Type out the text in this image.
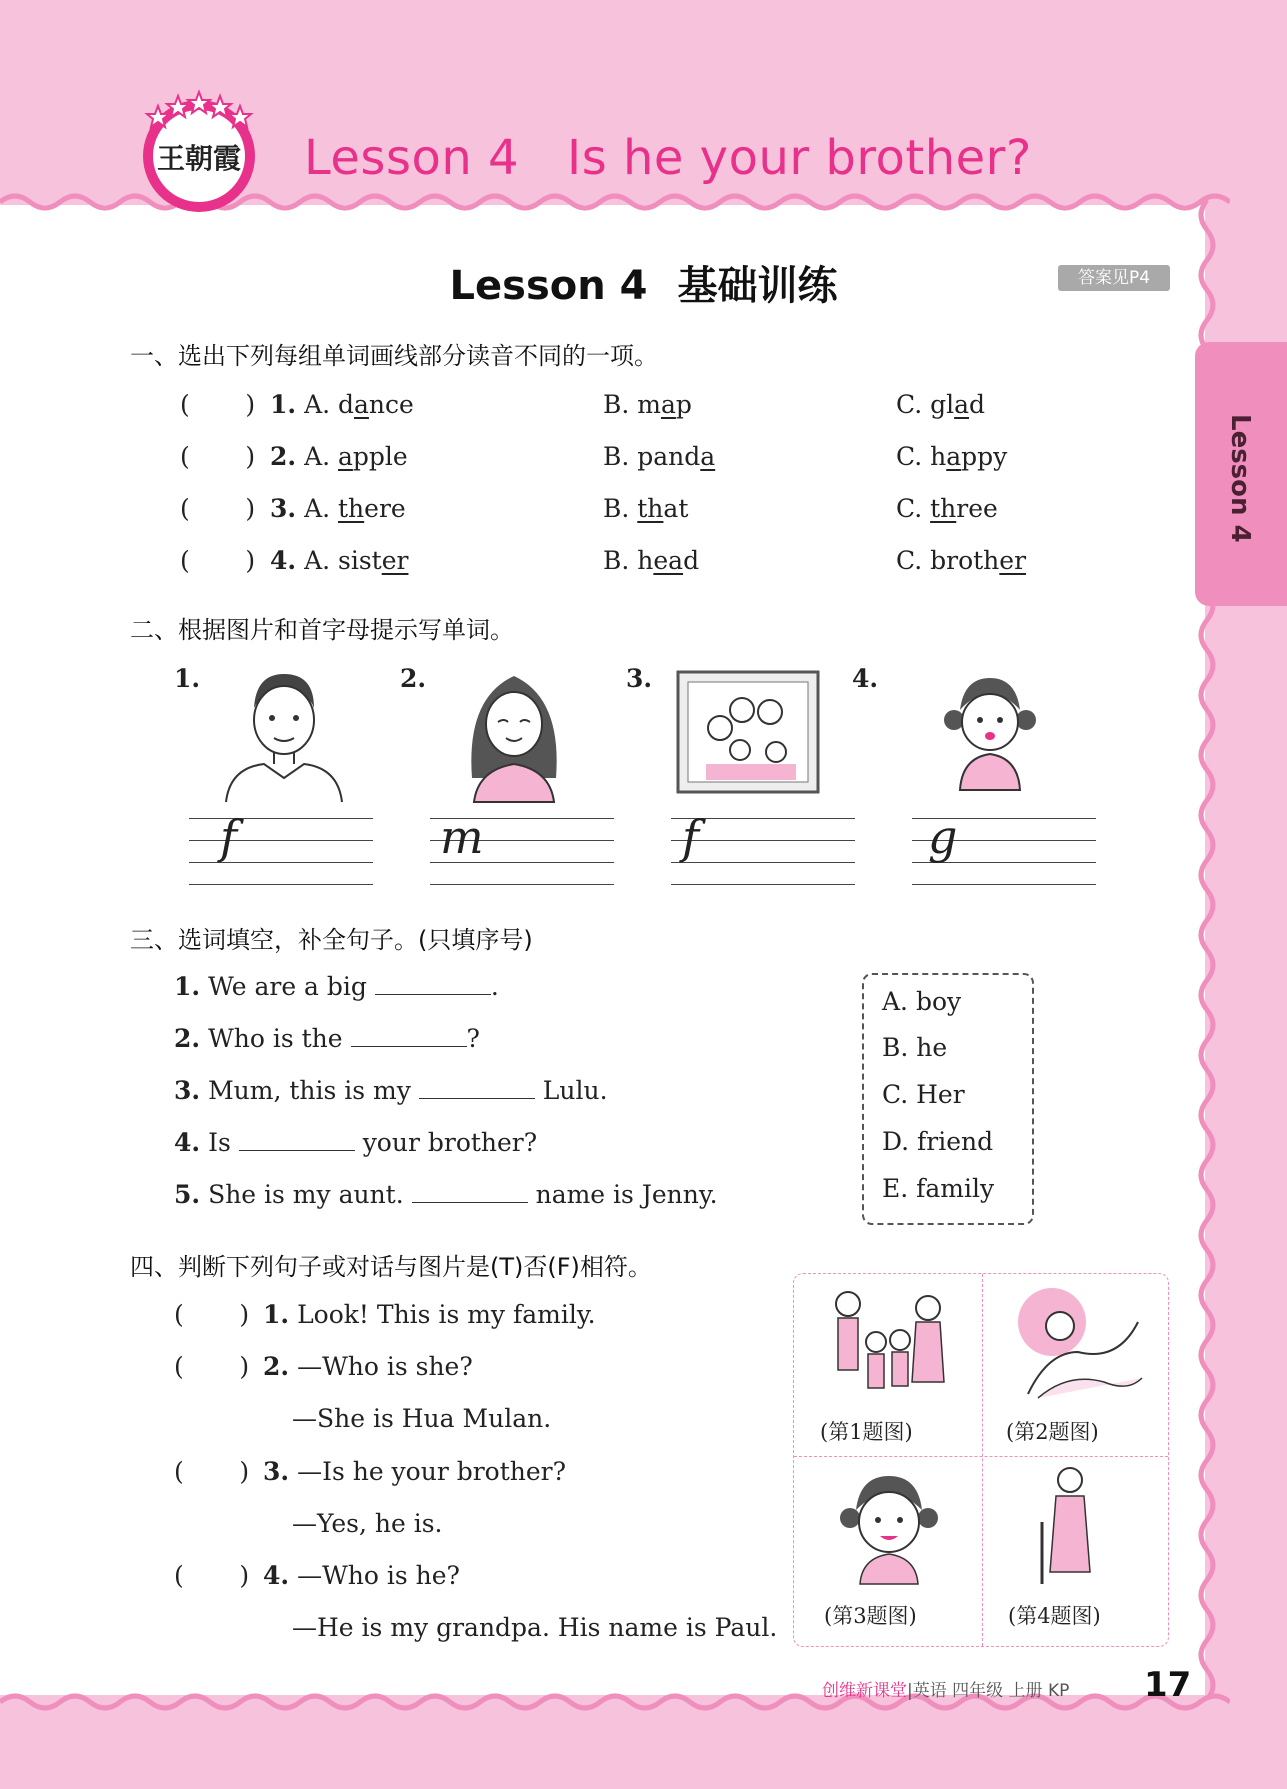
王朝霞 Lesson 4 Is he your brother?
Lesson 4
Lesson 4 基础训练	答案见P4
一、选出下列每组单词画线部分读音不同的一项。
(       ) 1. A. dance	B. map	C. glad
(       ) 2. A. apple	B. panda	C. happy
(       ) 3. A. there	B. that	C. three
(       ) 4. A. sister	B. head	C. brother
二、根据图片和首字母提示写单词。
1.	2.	3.	4.
f	m	f	g
三、选词填空，补全句子。(只填序号)
1. We are a big	.
2. Who is the	?
3. Mum, this is my	Lulu.
4. Is	your brother?
5. She is my aunt.	name is Jenny.
A. boy
B. he
C. Her
D. friend
E. family
四、判断下列句子或对话与图片是(T)否(F)相符。
(       ) 1. Look! This is my family.
(       ) 2. —Who is she?
—She is Hua Mulan.
(       ) 3. —Is he your brother?
—Yes, he is.
(       ) 4. —Who is he?
—He is my grandpa. His name is Paul.
(第1题图)	(第2题图)
(第3题图)	(第4题图)
创维新课堂|英语 四年级 上册 KP 17
